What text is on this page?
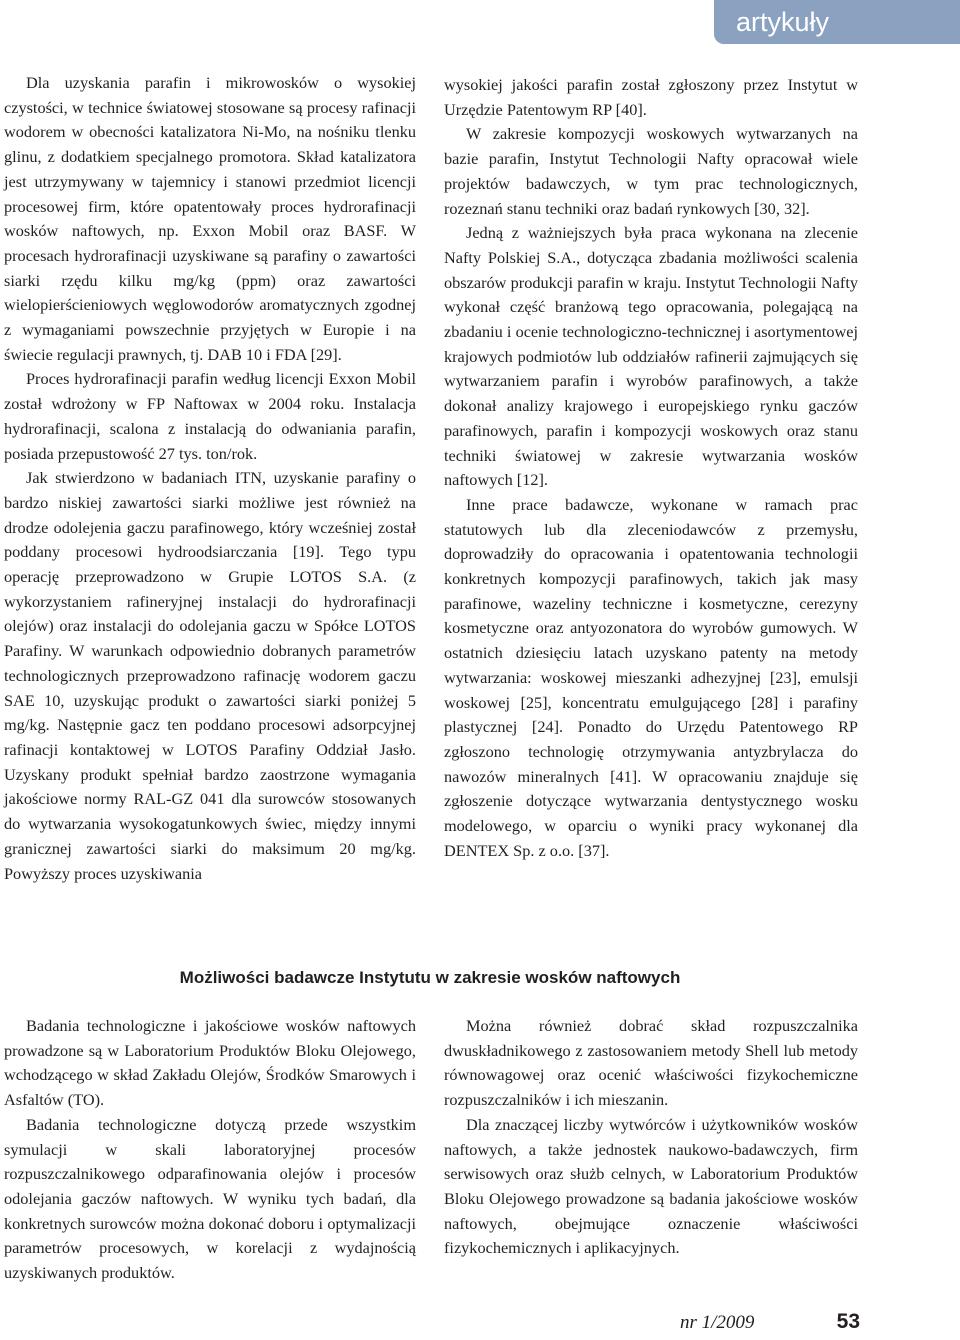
artykuły

Dla uzyskania parafin i mikrowosków o wysokiej czystości, w technice światowej stosowane są procesy rafinacji wodorem w obecności katalizatora Ni-Mo, na nośniku tlenku glinu, z dodatkiem specjalnego promotora. Skład katalizatora jest utrzymywany w tajemnicy i stanowi przedmiot licencji procesowej firm, które opatentowały proces hydrorafinacji wosków naftowych, np. Exxon Mobil oraz BASF. W procesach hydrorafinacji uzyskiwane są parafiny o zawartości siarki rzędu kilku mg/kg (ppm) oraz zawartości wielopierścieniowych węglowodorów aromatycznych zgodnej z wymaganiami powszechnie przyjętych w Europie i na świecie regulacji prawnych, tj. DAB 10 i FDA [29].

Proces hydrorafinacji parafin według licencji Exxon Mobil został wdrożony w FP Naftowax w 2004 roku. Instalacja hydrorafinacji, scalona z instalacją do odwaniania parafin, posiada przepustowość 27 tys. ton/rok.

Jak stwierdzono w badaniach ITN, uzyskanie parafiny o bardzo niskiej zawartości siarki możliwe jest również na drodze odolejenia gaczu parafinowego, który wcześniej został poddany procesowi hydroodsiarczania [19]. Tego typu operację przeprowadzono w Grupie LOTOS S.A. (z wykorzystaniem rafineryjnej instalacji do hydrorafinacji olejów) oraz instalacji do odolejania gaczu w Spółce LOTOS Parafiny. W warunkach odpowiednio dobranych parametrów technologicznych przeprowadzono rafinację wodorem gaczu SAE 10, uzyskując produkt o zawartości siarki poniżej 5 mg/kg. Następnie gacz ten poddano procesowi adsorpcyjnej rafinacji kontaktowej w LOTOS Parafiny Oddział Jasło. Uzyskany produkt spełniał bardzo zaostrzone wymagania jakościowe normy RAL-GZ 041 dla surowców stosowanych do wytwarzania wysokogatunkowych świec, między innymi granicznej zawartości siarki do maksimum 20 mg/kg. Powyższy proces uzyskiwania

wysokiej jakości parafin został zgłoszony przez Instytut w Urzędzie Patentowym RP [40].

W zakresie kompozycji woskowych wytwarzanych na bazie parafin, Instytut Technologii Nafty opracował wiele projektów badawczych, w tym prac technologicznych, rozeznań stanu techniki oraz badań rynkowych [30, 32].

Jedną z ważniejszych była praca wykonana na zlecenie Nafty Polskiej S.A., dotycząca zbadania możliwości scalenia obszarów produkcji parafin w kraju. Instytut Technologii Nafty wykonał część branżową tego opracowania, polegającą na zbadaniu i ocenie technologiczno-technicznej i asortymentowej krajowych podmiotów lub oddziałów rafinerii zajmujących się wytwarzaniem parafin i wyrobów parafinowych, a także dokonał analizy krajowego i europejskiego rynku gaczów parafinowych, parafin i kompozycji woskowych oraz stanu techniki światowej w zakresie wytwarzania wosków naftowych [12].

Inne prace badawcze, wykonane w ramach prac statutowych lub dla zleceniodawców z przemysłu, doprowadziły do opracowania i opatentowania technologii konkretnych kompozycji parafinowych, takich jak masy parafinowe, wazeliny techniczne i kosmetyczne, cerezyny kosmetyczne oraz antyozonatora do wyrobów gumowych. W ostatnich dziesięciu latach uzyskano patenty na metody wytwarzania: woskowej mieszanki adhezyjnej [23], emulsji woskowej [25], koncentratu emulgującego [28] i parafiny plastycznej [24]. Ponadto do Urzędu Patentowego RP zgłoszono technologię otrzymywania antyzbrylacza do nawozów mineralnych [41]. W opracowaniu znajduje się zgłoszenie dotyczące wytwarzania dentystycznego wosku modelowego, w oparciu o wyniki pracy wykonanej dla DENTEX Sp. z o.o. [37].

Możliwości badawcze Instytutu w zakresie wosków naftowych

Badania technologiczne i jakościowe wosków naftowych prowadzone są w Laboratorium Produktów Bloku Olejowego, wchodzącego w skład Zakładu Olejów, Środków Smarowych i Asfaltów (TO).

Badania technologiczne dotyczą przede wszystkim symulacji w skali laboratoryjnej procesów rozpuszczalnikowego odparafinowania olejów i procesów odolejania gaczów naftowych. W wyniku tych badań, dla konkretnych surowców można dokonać doboru i optymalizacji parametrów procesowych, w korelacji z wydajnością uzyskiwanych produktów.

Można również dobrać skład rozpuszczalnika dwuskładnikowego z zastosowaniem metody Shell lub metody równowagowej oraz ocenić właściwości fizykochemiczne rozpuszczalników i ich mieszanin.

Dla znaczącej liczby wytwórców i użytkowników wosków naftowych, a także jednostek naukowo-badawczych, firm serwisowych oraz służb celnych, w Laboratorium Produktów Bloku Olejowego prowadzone są badania jakościowe wosków naftowych, obejmujące oznaczenie właściwości fizykochemicznych i aplikacyjnych.

nr 1/2009	53
